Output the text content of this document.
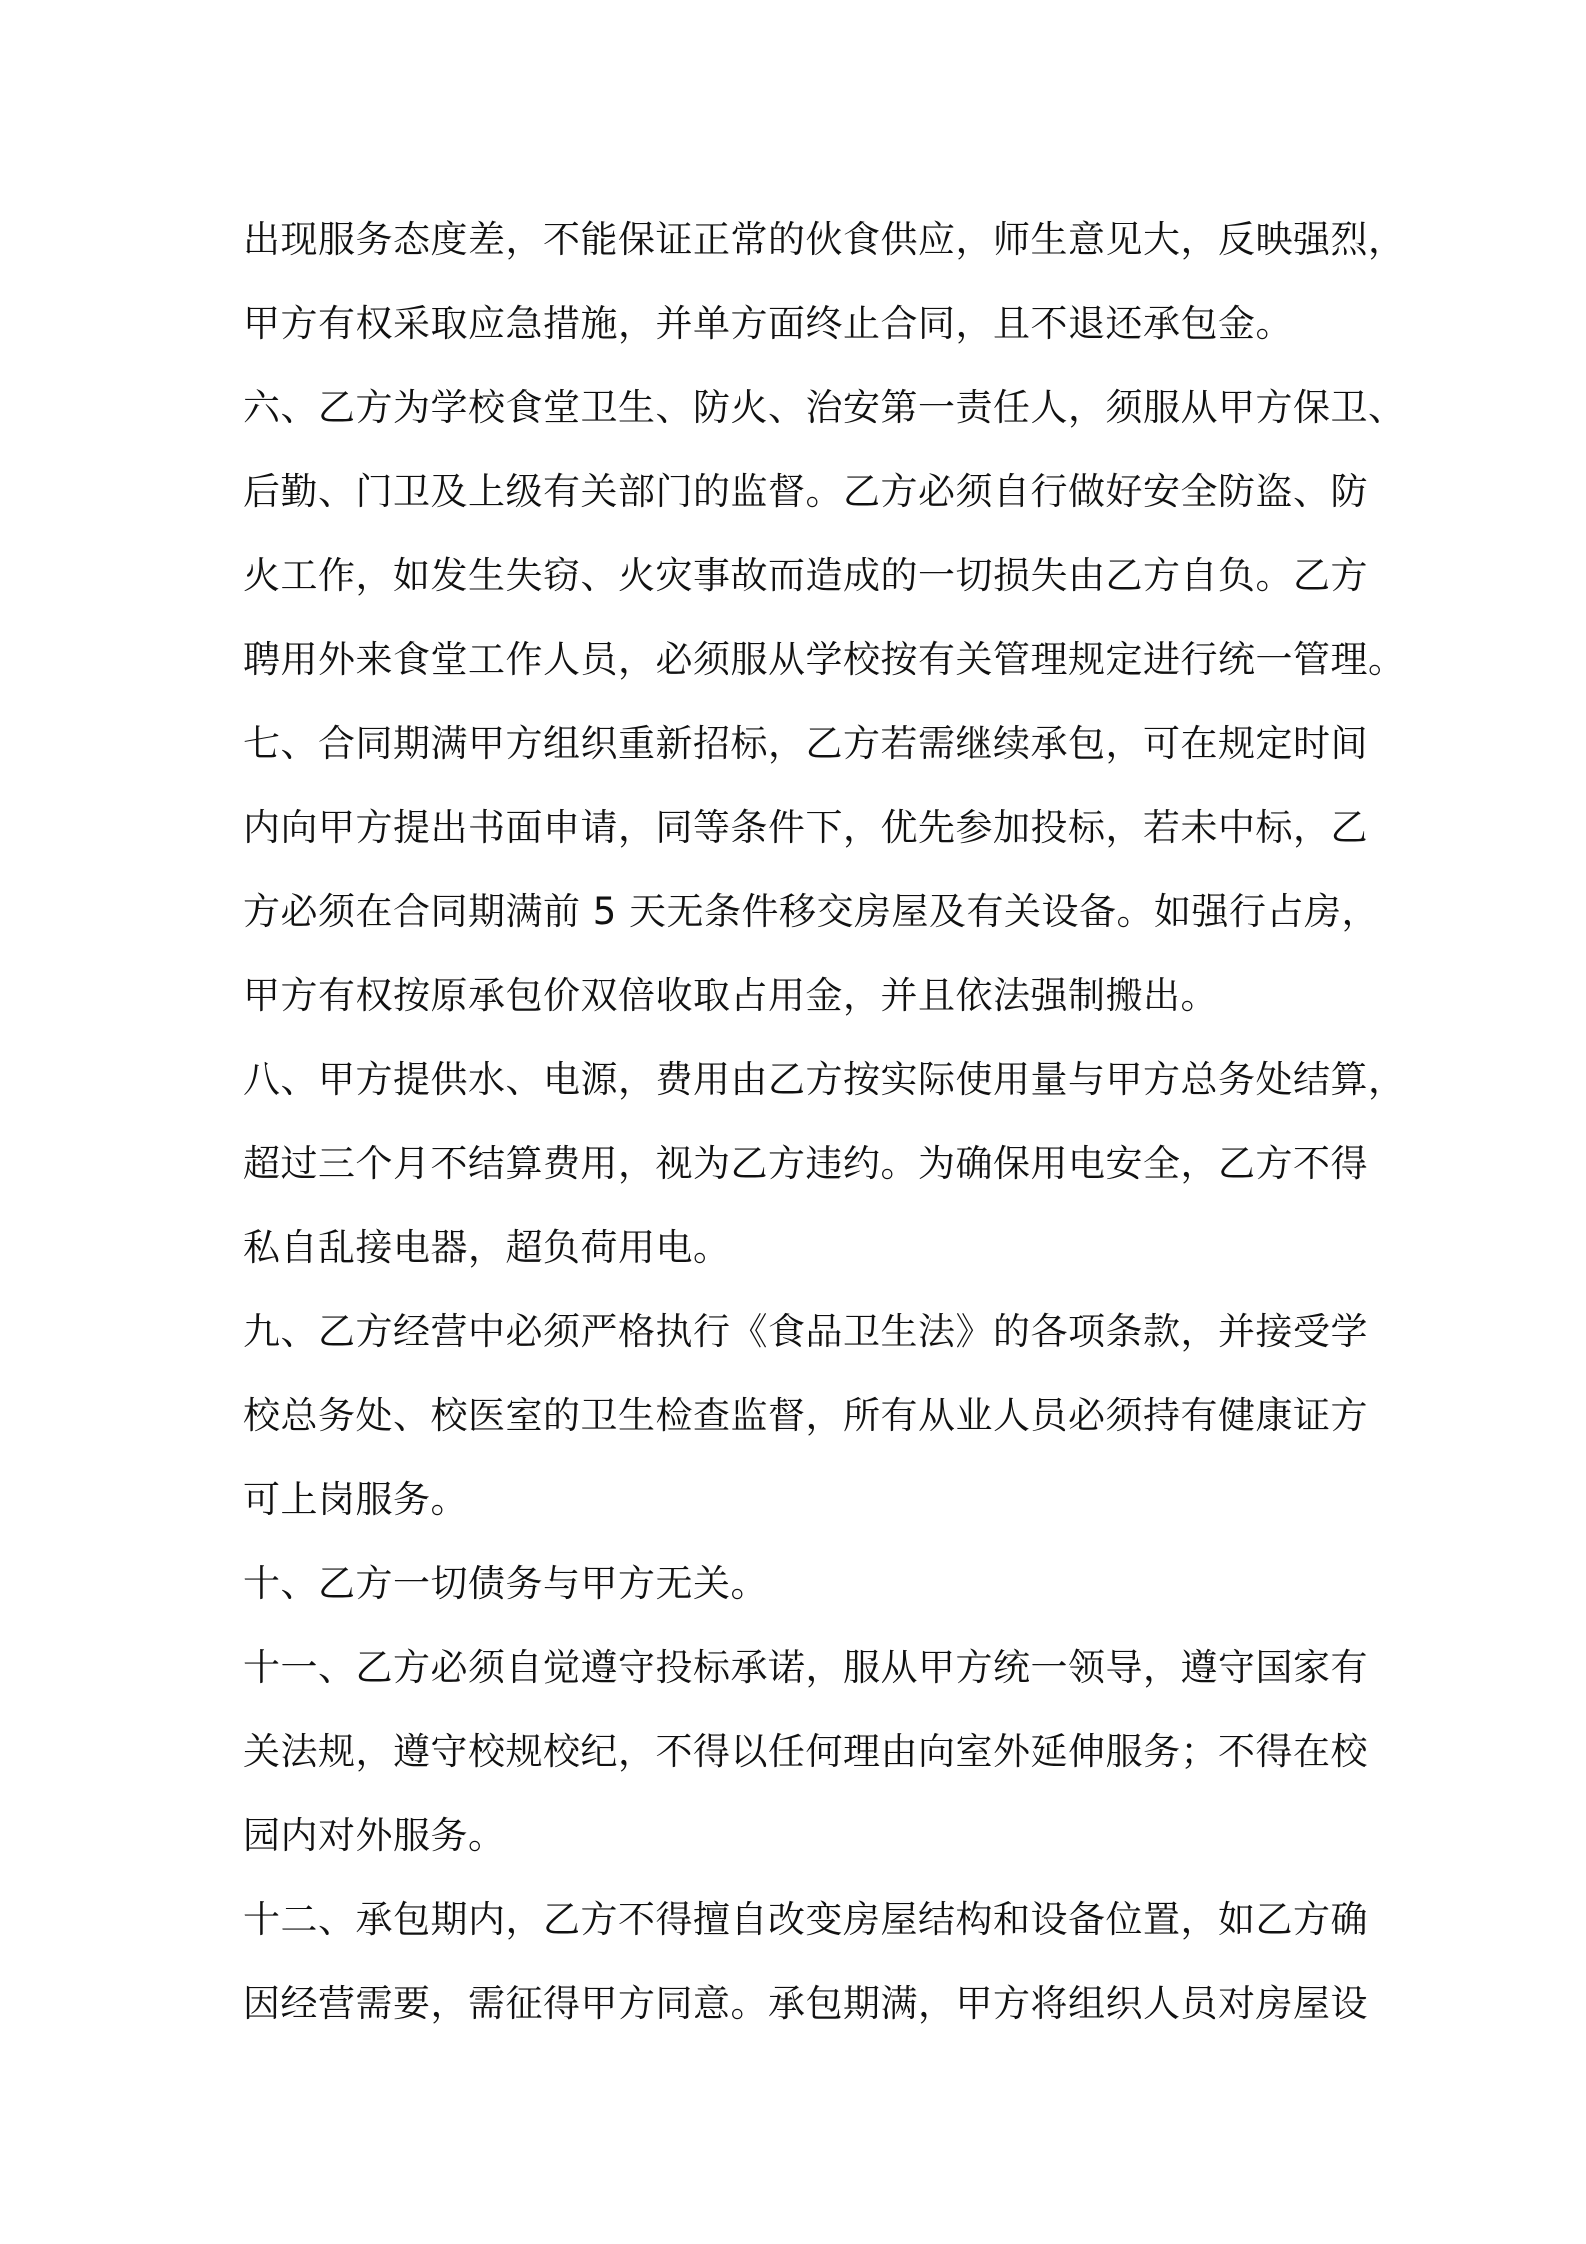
出现服务态度差，不能保证正常的伙食供应，师生意见大，反映强烈，
甲方有权采取应急措施，并单方面终止合同，且不退还承包金。
六、乙方为学校食堂卫生、防火、治安第一责任人，须服从甲方保卫、
后勤、门卫及上级有关部门的监督。乙方必须自行做好安全防盗、防
火工作，如发生失窃、火灾事故而造成的一切损失由乙方自负。乙方
聘用外来食堂工作人员，必须服从学校按有关管理规定进行统一管理。
七、合同期满甲方组织重新招标，乙方若需继续承包，可在规定时间
内向甲方提出书面申请，同等条件下，优先参加投标，若未中标，乙
方必须在合同期满前 5 天无条件移交房屋及有关设备。如强行占房，
甲方有权按原承包价双倍收取占用金，并且依法强制搬出。
八、甲方提供水、电源，费用由乙方按实际使用量与甲方总务处结算，
超过三个月不结算费用，视为乙方违约。为确保用电安全，乙方不得
私自乱接电器，超负荷用电。
九、乙方经营中必须严格执行《食品卫生法》的各项条款，并接受学
校总务处、校医室的卫生检查监督，所有从业人员必须持有健康证方
可上岗服务。
十、乙方一切债务与甲方无关。
十一、乙方必须自觉遵守投标承诺，服从甲方统一领导，遵守国家有
关法规，遵守校规校纪，不得以任何理由向室外延伸服务；不得在校
园内对外服务。
十二、承包期内，乙方不得擅自改变房屋结构和设备位置，如乙方确
因经营需要，需征得甲方同意。承包期满，甲方将组织人员对房屋设
